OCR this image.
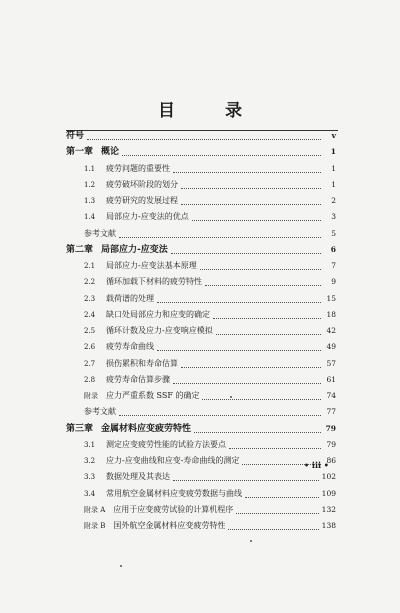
目 录
符号	v
第一章 概论	1
1.1	疲劳问题的重要性	1
1.2	疲劳破坏阶段的划分	1
1.3	疲劳研究的发展过程	2
1.4	局部应力-应变法的优点	3
参考文献	5
第二章 局部应力-应变法	6
2.1	局部应力-应变法基本原理	7
2.2	循环加载下材料的疲劳特性	9
2.3	载荷谱的处理	15
2.4	缺口处局部应力和应变的确定	18
2.5	循环计数及应力-应变响应模拟	42
2.6	疲劳寿命曲线	49
2.7	损伤累积和寿命估算	57
2.8	疲劳寿命估算步骤	61
附录	应力严重系数 SSF 的确定	74
参考文献	77
第三章 金属材料应变疲劳特性	79
3.1	测定应变疲劳性能的试验方法要点	79
3.2	应力-应变曲线和应变-寿命曲线的测定	86
3.3	数据处理及其表达	102
3.4	常用航空金属材料应变疲劳数据与曲线	109
附录 A 应用于应变疲劳试验的计算机程序	132
附录 B 国外航空金属材料应变疲劳特性	138
• iii •
